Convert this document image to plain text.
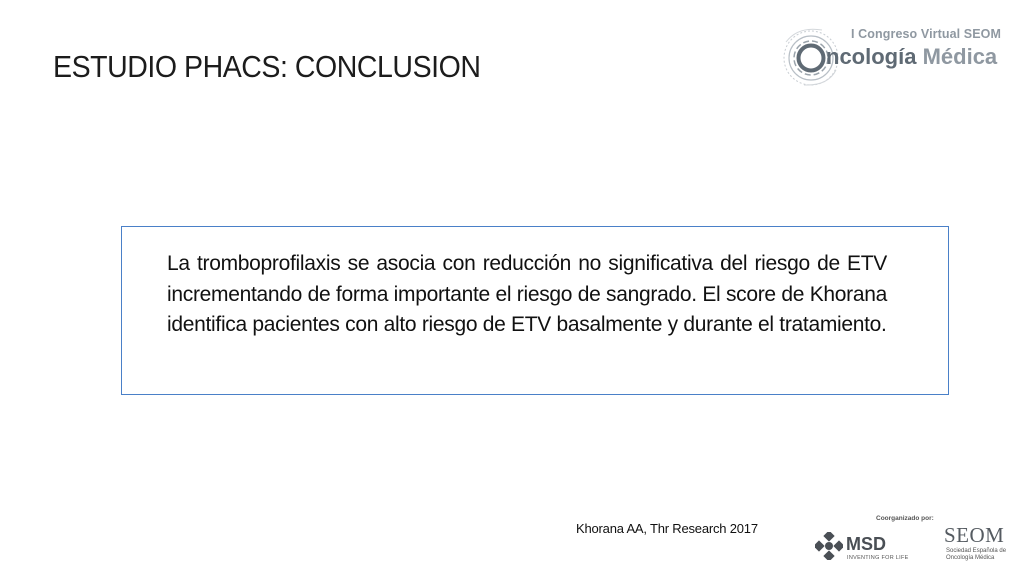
ESTUDIO PHACS: CONCLUSION
I Congreso Virtual SEOM
ncología Médica
La tromboprofilaxis se asocia con reducción no significativa del riesgo de ETV incrementando de forma importante el riesgo de sangrado. El score de Khorana identifica pacientes con alto riesgo de ETV basalmente y durante el tratamiento.
Khorana AA, Thr Research 2017
Coorganizado por:
MSD
INVENTING FOR LIFE
SEOM
Sociedad Española de Oncología Médica
